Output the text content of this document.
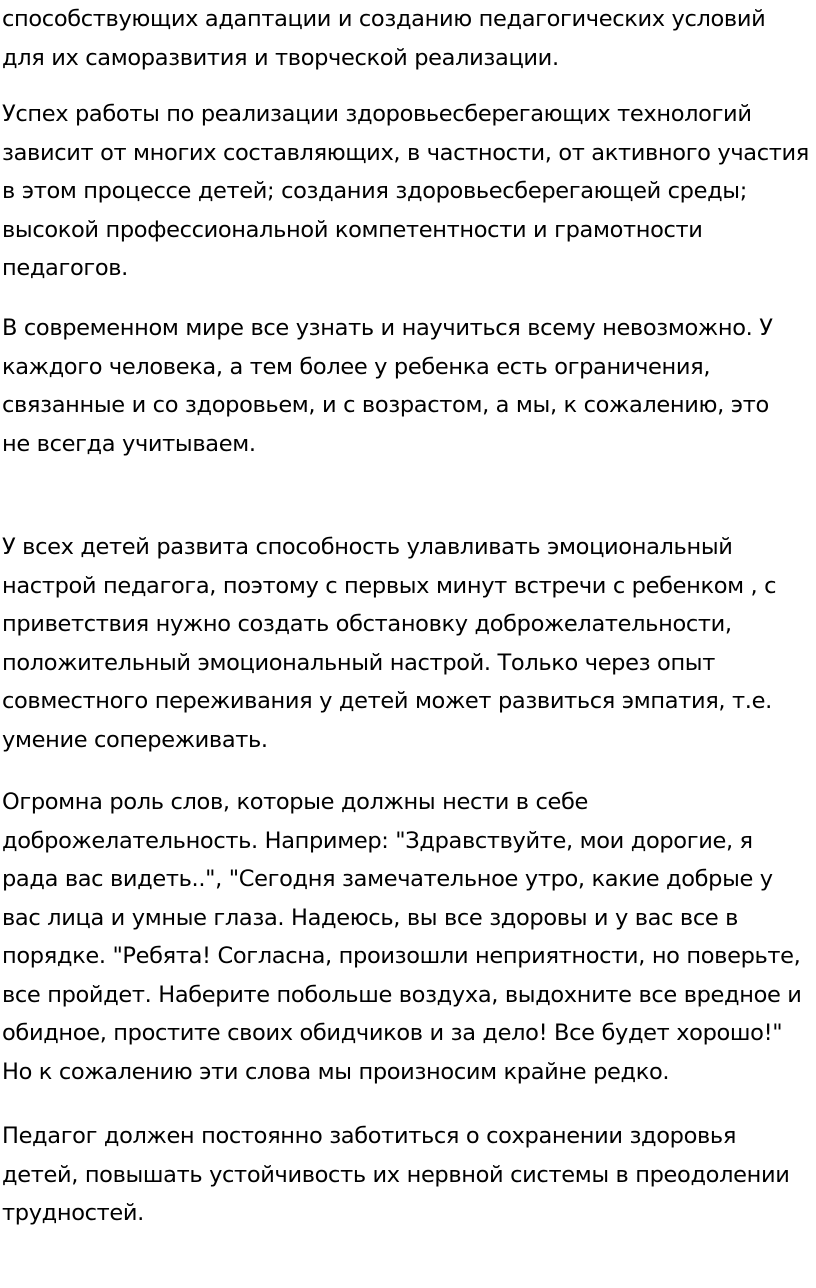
способствующих адаптации и созданию педагогических условий
для их саморазвития и творческой реализации.

Успех работы по реализации здоровьесберегающих технологий
зависит от многих составляющих, в частности, от активного участия
в этом процессе детей; создания здоровьесберегающей среды;
высокой профессиональной компетентности и грамотности
педагогов.

В современном мире все узнать и научиться всему невозможно. У
каждого человека, а тем более у ребенка есть ограничения,
связанные и со здоровьем, и с возрастом, а мы, к сожалению, это
не всегда учитываем.

У всех детей развита способность улавливать эмоциональный
настрой педагога, поэтому с первых минут встречи с ребенком , с
приветствия нужно создать обстановку доброжелательности,
положительный эмоциональный настрой. Только через опыт
совместного переживания у детей может развиться эмпатия, т.е.
умение сопереживать.

Огромна роль слов, которые должны нести в себе
доброжелательность. Например: "Здравствуйте, мои дорогие, я
рада вас видеть..", "Сегодня замечательное утро, какие добрые у
вас лица и умные глаза. Надеюсь, вы все здоровы и у вас все в
порядке. "Ребята! Согласна, произошли неприятности, но поверьте,
все пройдет. Наберите побольше воздуха, выдохните все вредное и
обидное, простите своих обидчиков и за дело! Все будет хорошо!"
Но к сожалению эти слова мы произносим крайне редко.

Педагог должен постоянно заботиться о сохранении здоровья
детей, повышать устойчивость их нервной системы в преодолении
трудностей.
